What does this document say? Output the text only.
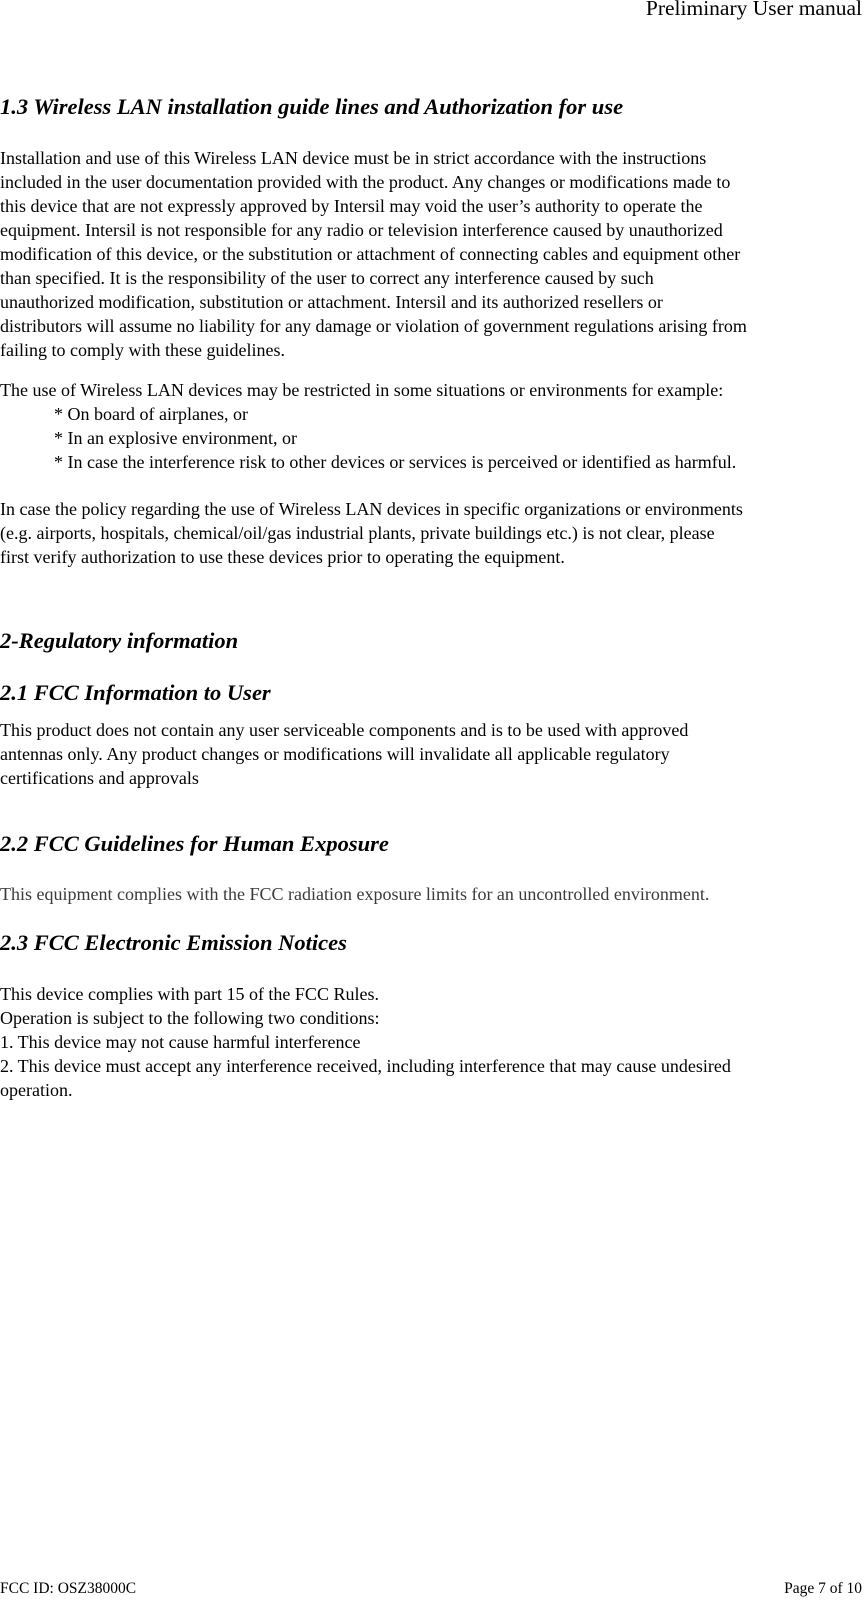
Preliminary User manual
1.3 Wireless LAN installation guide lines and Authorization for use
Installation and use of this Wireless LAN device must be in strict accordance with the instructions
included in the user documentation provided with the product. Any changes or modifications made to
this device that are not expressly approved by Intersil may void the user’s authority to operate the
equipment. Intersil is not responsible for any radio or television interference caused by unauthorized
modification of this device, or the substitution or attachment of connecting cables and equipment other
than specified. It is the responsibility of the user to correct any interference caused by such
unauthorized modification, substitution or attachment. Intersil and its authorized resellers or
distributors will assume no liability for any damage or violation of government regulations arising from
failing to comply with these guidelines.
The use of Wireless LAN devices may be restricted in some situations or environments for example:
* On board of airplanes, or
* In an explosive environment, or
* In case the interference risk to other devices or services is perceived or identified as harmful.
In case the policy regarding the use of Wireless LAN devices in specific organizations or environments
(e.g. airports, hospitals, chemical/oil/gas industrial plants, private buildings etc.) is not clear, please
first verify authorization to use these devices prior to operating the equipment.
2-Regulatory information
2.1 FCC Information to User
This product does not contain any user serviceable components and is to be used with approved
antennas only. Any product changes or modifications will invalidate all applicable regulatory
certifications and approvals
2.2 FCC Guidelines for Human Exposure
This equipment complies with the FCC radiation exposure limits for an uncontrolled environment.
2.3 FCC Electronic Emission Notices
This device complies with part 15 of the FCC Rules.
Operation is subject to the following two conditions:
1. This device may not cause harmful interference
2. This device must accept any interference received, including interference that may cause undesired
operation.
FCC ID: OSZ38000C	Page 7 of 10
